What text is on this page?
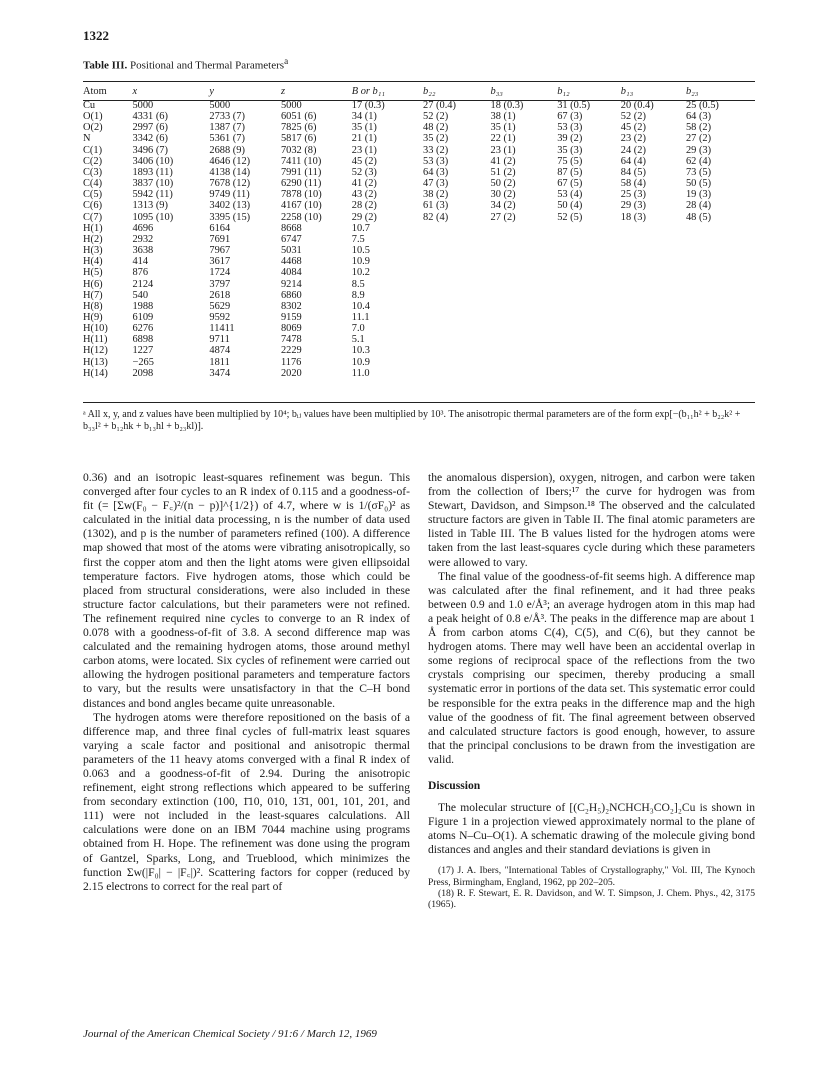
1322
Table III. Positional and Thermal Parameters$^a$
Atom	x	y	z	B or b₁₁	b₂₂	b₃₃	b₁₂	b₁₃	b₂₃
Cu	5000	5000	5000	17 (0.3)	27 (0.4)	18 (0.3)	31 (0.5)	20 (0.4)	25 (0.5)
O(1)	4331 (6)	2733 (7)	6051 (6)	34 (1)	52 (2)	38 (1)	67 (3)	52 (2)	64 (3)
O(2)	2997 (6)	1387 (7)	7825 (6)	35 (1)	48 (2)	35 (1)	53 (3)	45 (2)	58 (2)
N	3342 (6)	5361 (7)	5817 (6)	21 (1)	35 (2)	22 (1)	39 (2)	23 (2)	27 (2)
C(1)	3496 (7)	2688 (9)	7032 (8)	23 (1)	33 (2)	23 (1)	35 (3)	24 (2)	29 (3)
C(2)	3406 (10)	4646 (12)	7411 (10)	45 (2)	53 (3)	41 (2)	75 (5)	64 (4)	62 (4)
C(3)	1893 (11)	4138 (14)	7991 (11)	52 (3)	64 (3)	51 (2)	87 (5)	84 (5)	73 (5)
C(4)	3837 (10)	7678 (12)	6290 (11)	41 (2)	47 (3)	50 (2)	67 (5)	58 (4)	50 (5)
C(5)	5942 (11)	9749 (11)	7878 (10)	43 (2)	38 (2)	30 (2)	53 (4)	25 (3)	19 (3)
C(6)	1313 (9)	3402 (13)	4167 (10)	28 (2)	61 (3)	34 (2)	50 (4)	29 (3)	28 (4)
C(7)	1095 (10)	3395 (15)	2258 (10)	29 (2)	82 (4)	27 (2)	52 (5)	18 (3)	48 (5)
H(1)	4696	6164	8668	10.7					
H(2)	2932	7691	6747	7.5					
H(3)	3638	7967	5031	10.5					
H(4)	414	3617	4468	10.9					
H(5)	876	1724	4084	10.2					
H(6)	2124	3797	9214	8.5					
H(7)	540	2618	6860	8.9					
H(8)	1988	5629	8302	10.4					
H(9)	6109	9592	9159	11.1					
H(10)	6276	11411	8069	7.0					
H(11)	6898	9711	7478	5.1					
H(12)	1227	4874	2229	10.3					
H(13)	−265	1811	1176	10.9					
H(14)	2098	3474	2020	11.0					
ᵃ All x, y, and z values have been multiplied by 10⁴; bᵢⱼ values have been multiplied by 10³. The anisotropic thermal parameters are of the form exp[−(b₁₁h² + b₂₂k² + b₃₃l² + b₁₂hk + b₁₃hl + b₂₃kl)].

0.36) and an isotropic least-squares refinement was begun. This converged after four cycles to an R index of 0.115 and a goodness-of-fit (= [Σw(F₀ − F꜀)²/(n − p)]^{1/2}) of 4.7, where w is 1/(σF₀)² as calculated in the initial data processing, n is the number of data used (1302), and p is the number of parameters refined (100). A difference map showed that most of the atoms were vibrating anisotropically, so first the copper atom and then the light atoms were given ellipsoidal temperature factors. Five hydrogen atoms, those which could be placed from structural considerations, were also included in these structure factor calculations, but their parameters were not refined. The refinement required nine cycles to converge to an R index of 0.078 with a goodness-of-fit of 3.8. A second difference map was calculated and the remaining hydrogen atoms, those around methyl carbon atoms, were located. Six cycles of refinement were carried out allowing the hydrogen positional parameters and temperature factors to vary, but the results were unsatisfactory in that the C–H bond distances and bond angles became quite unreasonable.

The hydrogen atoms were therefore repositioned on the basis of a difference map, and three final cycles of full-matrix least squares varying a scale factor and positional and anisotropic thermal parameters of the 11 heavy atoms converged with a final R index of 0.063 and a goodness-of-fit of 2.94. During the anisotropic refinement, eight strong reflections which appeared to be suffering from secondary extinction (100, 1̄10, 010, 13̄1, 001, 101, 201, and 111) were not included in the least-squares calculations. All calculations were done on an IBM 7044 machine using programs obtained from H. Hope. The refinement was done using the program of Gantzel, Sparks, Long, and Trueblood, which minimizes the function Σw(|F₀| − |F꜀|)². Scattering factors for copper (reduced by 2.15 electrons to correct for the real part of

the anomalous dispersion), oxygen, nitrogen, and carbon were taken from the collection of Ibers;¹⁷ the curve for hydrogen was from Stewart, Davidson, and Simpson.¹⁸ The observed and the calculated structure factors are given in Table II. The final atomic parameters are listed in Table III. The B values listed for the hydrogen atoms were taken from the last least-squares cycle during which these parameters were allowed to vary.

The final value of the goodness-of-fit seems high. A difference map was calculated after the final refinement, and it had three peaks between 0.9 and 1.0 e/Å³; an average hydrogen atom in this map had a peak height of 0.8 e/Å³. The peaks in the difference map are about 1 Å from carbon atoms C(4), C(5), and C(6), but they cannot be hydrogen atoms. There may well have been an accidental overlap in some regions of reciprocal space of the reflections from the two crystals comprising our specimen, thereby producing a small systematic error in portions of the data set. This systematic error could be responsible for the extra peaks in the difference map and the high value of the goodness of fit. The final agreement between observed and calculated structure factors is good enough, however, to assure that the principal conclusions to be drawn from the investigation are valid.

Discussion

The molecular structure of [(C₂H₅)₂NCHCH₃CO₂]₂Cu is shown in Figure 1 in a projection viewed approximately normal to the plane of atoms N–Cu–O(1). A schematic drawing of the molecule giving bond distances and angles and their standard deviations is given in

(17) J. A. Ibers, "International Tables of Crystallography," Vol. III, The Kynoch Press, Birmingham, England, 1962, pp 202–205.

(18) R. F. Stewart, E. R. Davidson, and W. T. Simpson, J. Chem. Phys., 42, 3175 (1965).

Journal of the American Chemical Society / 91:6 / March 12, 1969
